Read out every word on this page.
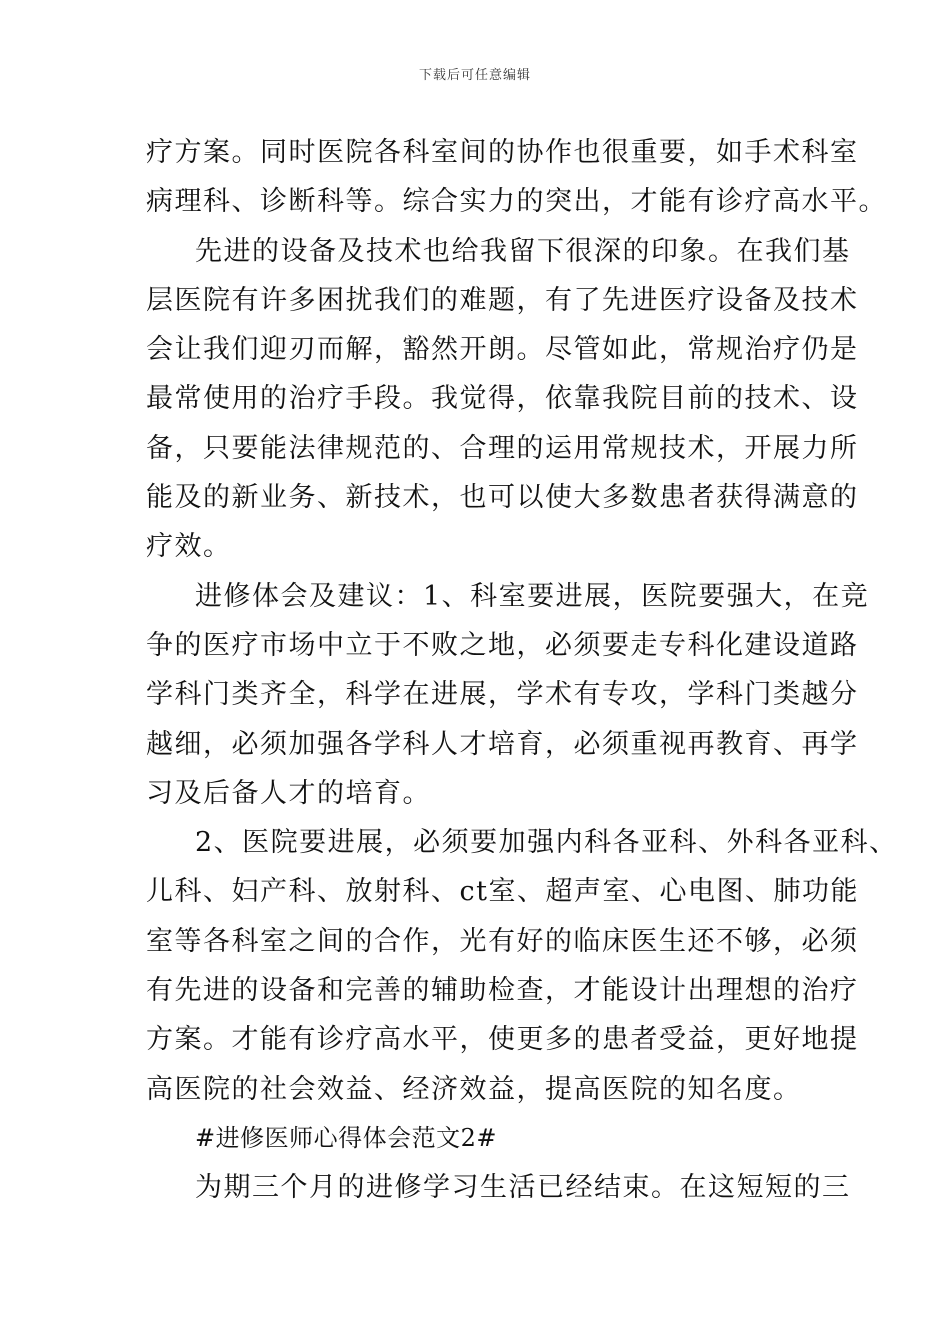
下载后可任意编辑
疗方案。同时医院各科室间的协作也很重要，如手术科室
病理科、诊断科等。综合实力的突出，才能有诊疗高水平。
先进的设备及技术也给我留下很深的印象。在我们基
层医院有许多困扰我们的难题，有了先进医疗设备及技术
会让我们迎刃而解，豁然开朗。尽管如此，常规治疗仍是
最常使用的治疗手段。我觉得，依靠我院目前的技术、设
备，只要能法律规范的、合理的运用常规技术，开展力所
能及的新业务、新技术，也可以使大多数患者获得满意的
疗效。
进修体会及建议：1、科室要进展，医院要强大，在竞
争的医疗市场中立于不败之地，必须要走专科化建设道路
学科门类齐全，科学在进展，学术有专攻，学科门类越分
越细，必须加强各学科人才培育，必须重视再教育、再学
习及后备人才的培育。
2、医院要进展，必须要加强内科各亚科、外科各亚科、
儿科、妇产科、放射科、ct室、超声室、心电图、肺功能
室等各科室之间的合作，光有好的临床医生还不够，必须
有先进的设备和完善的辅助检查，才能设计出理想的治疗
方案。才能有诊疗高水平，使更多的患者受益，更好地提
高医院的社会效益、经济效益，提高医院的知名度。
#进修医师心得体会范文2#
为期三个月的进修学习生活已经结束。在这短短的三
